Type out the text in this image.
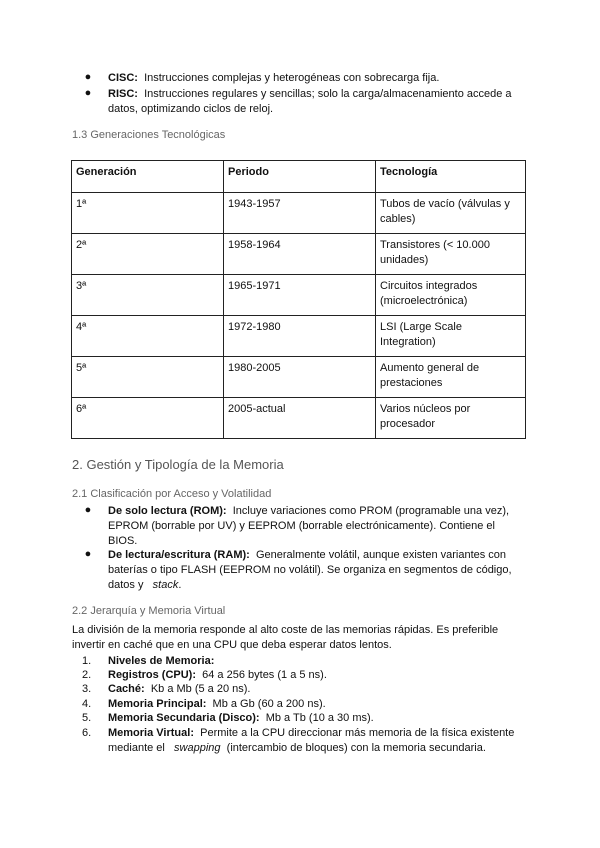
● CISC: Instrucciones complejas y heterogéneas con sobrecarga fija.
● RISC: Instrucciones regulares y sencillas; solo la carga/almacenamiento accede a
datos, optimizando ciclos de reloj.
1.3 Generaciones Tecnológicas
Generación	Periodo	Tecnología
1ª	1943-1957	Tubos de vacío (válvulas y
cables)
2ª	1958-1964	Transistores (< 10.000
unidades)
3ª	1965-1971	Circuitos integrados
(microelectrónica)
4ª	1972-1980	LSI (Large Scale
Integration)
5ª	1980-2005	Aumento general de
prestaciones
6ª	2005-actual	Varios núcleos por
procesador
2. Gestión y Tipología de la Memoria
2.1 Clasificación por Acceso y Volatilidad
● De solo lectura (ROM): Incluye variaciones como PROM (programable una vez),
EPROM (borrable por UV) y EEPROM (borrable electrónicamente). Contiene el
BIOS.
● De lectura/escritura (RAM): Generalmente volátil, aunque existen variantes con
baterías o tipo FLASH (EEPROM no volátil). Se organiza en segmentos de código,
datos y stack.
2.2 Jerarquía y Memoria Virtual
La división de la memoria responde al alto coste de las memorias rápidas. Es preferible
invertir en caché que en una CPU que deba esperar datos lentos.
1.	Niveles de Memoria:
2.	Registros (CPU): 64 a 256 bytes (1 a 5 ns).
3.	Caché: Kb a Mb (5 a 20 ns).
4.	Memoria Principal: Mb a Gb (60 a 200 ns).
5.	Memoria Secundaria (Disco): Mb a Tb (10 a 30 ms).
6.	Memoria Virtual: Permite a la CPU direccionar más memoria de la física existente
mediante el swapping (intercambio de bloques) con la memoria secundaria.
